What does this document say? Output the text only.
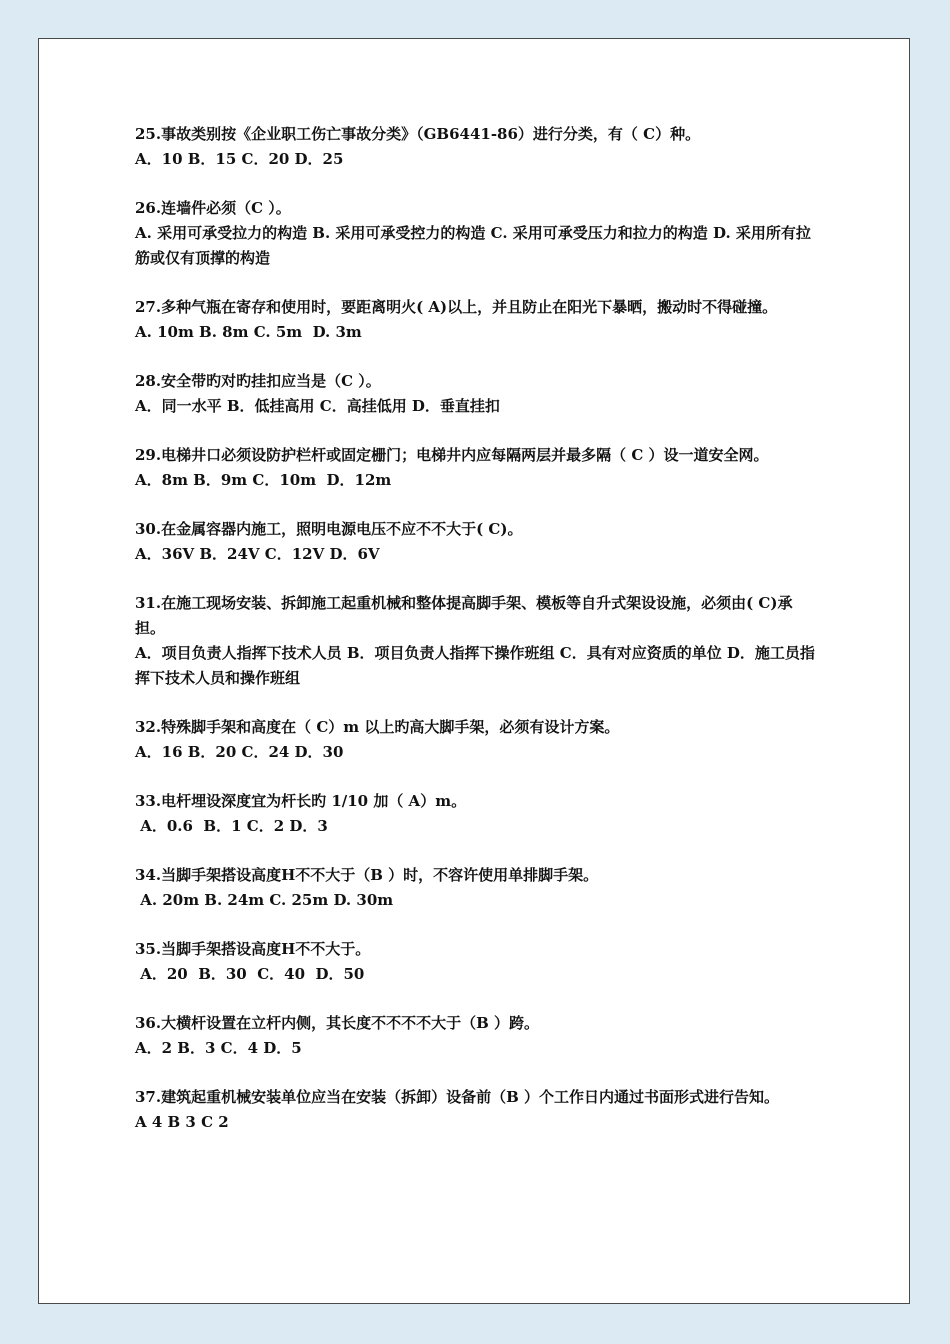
25.事故类别按《企业职工伤亡事故分类》（GB6441-86）进行分类，有（ C）种。
A．10 B．15 C．20 D．25
26.连墙件必须（C ）。
A. 采用可承受拉力的构造 B. 采用可承受控力的构造 C. 采用可承受压力和拉力的构造 D. 采用所有拉筋或仅有顶撑的构造
27.多种气瓶在寄存和使用时，要距离明火( A)以上，并且防止在阳光下暴晒，搬动时不得碰撞。
A. 10m B. 8m C. 5m  D. 3m
28.安全带旳对旳挂扣应当是（C ）。
A．同一水平 B．低挂高用 C．高挂低用 D．垂直挂扣
29.电梯井口必须设防护栏杆或固定栅门；电梯井内应每隔两层并最多隔（ C ）设一道安全网。
A．8m B．9m C．10m  D．12m
30.在金属容器内施工，照明电源电压不应不不大于( C)。
A．36V B．24V C．12V D．6V
31.在施工现场安装、拆卸施工起重机械和整体提高脚手架、模板等自升式架设设施，必须由( C)承担。
A．项目负责人指挥下技术人员 B．项目负责人指挥下操作班组 C．具有对应资质的单位 D．施工员指挥下技术人员和操作班组
32.特殊脚手架和高度在（ C）m 以上旳高大脚手架，必须有设计方案。
A．16 B．20 C．24 D．30
33.电杆埋设深度宜为杆长旳 1/10 加（ A）m。
A．0.6  B．1 C．2 D．3
34.当脚手架搭设高度H不不大于（B ）时，不容许使用单排脚手架。
A. 20m B. 24m C. 25m D. 30m
35.当脚手架搭设高度H不不大于。
A．20  B．30  C．40  D．50
36.大横杆设置在立杆内侧，其长度不不不不大于（B ）跨。
A．2 B．3 C．4 D．5
37.建筑起重机械安装单位应当在安装（拆卸）设备前（B ）个工作日内通过书面形式进行告知。
A 4 B 3 C 2
